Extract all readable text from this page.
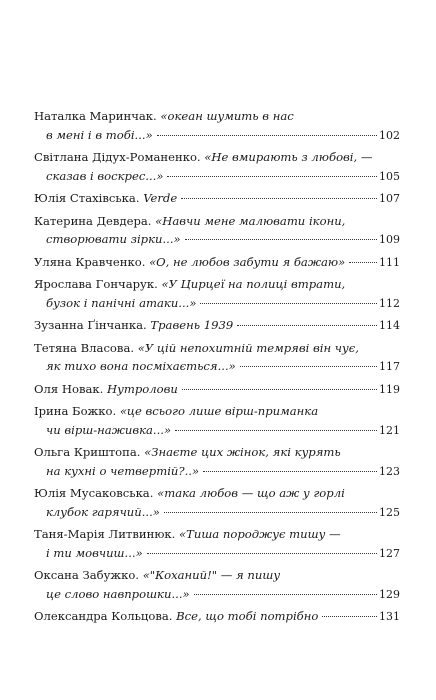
Наталка Маринчак.
«океан шумить в нас
в мені і в тобі...»	102
Світлана Дідух-Романенко.
«Не вмирають з любові, —
сказав і воскрес...»	105
Юлія Стахівська.
Verde	107
Катерина Девдера.
«Навчи мене малювати ікони,
створювати зірки...»	109
Уляна Кравченко.
«О, не любов забути я бажаю»	111
Ярослава Гончарук.
«У Цирцеї на полиці втрати,
бузок і панічні атаки...»	112
Зузанна Ґінчанка.
Травень 1939	114
Тетяна Власова.
«У цій непохитній темряві він чує,
як тихо вона посміхається...»	117
Оля Новак.
Нутролови	119
Ірина Божко.
«це всього лише вірш-приманка
чи вірш-наживка...»	121
Ольга Криштопа.
«Знаєте цих жінок, які курять
на кухні о четвертій?..»	123
Юлія Мусаковська.
«така любов — що аж у горлі
клубок гарячий...»	125
Таня-Марія Литвинюк.
«Тиша породжує тишу —
і ти мовчиш...»	127
Оксана Забужко.
«"Коханий!" — я пишу
це слово навпрошки...»	129
Олександра Кольцова.
Все, що тобі потрібно	131
